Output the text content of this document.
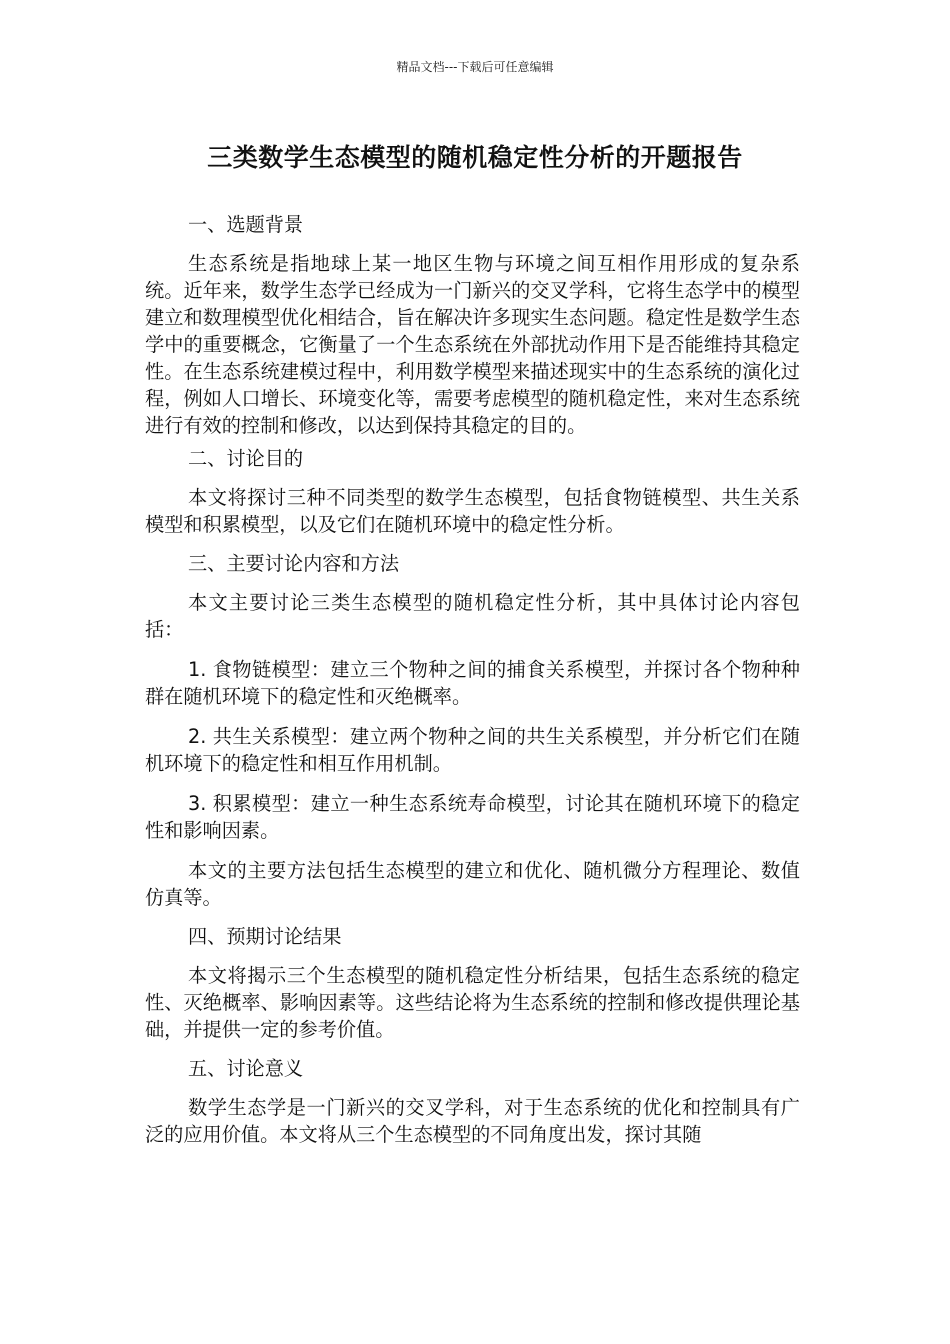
精品文档---下载后可任意编辑
三类数学生态模型的随机稳定性分析的开题报告

一、选题背景

生态系统是指地球上某一地区生物与环境之间互相作用形成的复杂系统。近年来，数学生态学已经成为一门新兴的交叉学科，它将生态学中的模型建立和数理模型优化相结合，旨在解决许多现实生态问题。稳定性是数学生态学中的重要概念，它衡量了一个生态系统在外部扰动作用下是否能维持其稳定性。在生态系统建模过程中，利用数学模型来描述现实中的生态系统的演化过程，例如人口增长、环境变化等，需要考虑模型的随机稳定性，来对生态系统进行有效的控制和修改，以达到保持其稳定的目的。

二、讨论目的

本文将探讨三种不同类型的数学生态模型，包括食物链模型、共生关系模型和积累模型，以及它们在随机环境中的稳定性分析。

三、主要讨论内容和方法

本文主要讨论三类生态模型的随机稳定性分析，其中具体讨论内容包括：

1. 食物链模型：建立三个物种之间的捕食关系模型，并探讨各个物种种群在随机环境下的稳定性和灭绝概率。

2. 共生关系模型：建立两个物种之间的共生关系模型，并分析它们在随机环境下的稳定性和相互作用机制。

3. 积累模型：建立一种生态系统寿命模型，讨论其在随机环境下的稳定性和影响因素。

本文的主要方法包括生态模型的建立和优化、随机微分方程理论、数值仿真等。

四、预期讨论结果

本文将揭示三个生态模型的随机稳定性分析结果，包括生态系统的稳定性、灭绝概率、影响因素等。这些结论将为生态系统的控制和修改提供理论基础，并提供一定的参考价值。

五、讨论意义

数学生态学是一门新兴的交叉学科，对于生态系统的优化和控制具有广泛的应用价值。本文将从三个生态模型的不同角度出发，探讨其随
